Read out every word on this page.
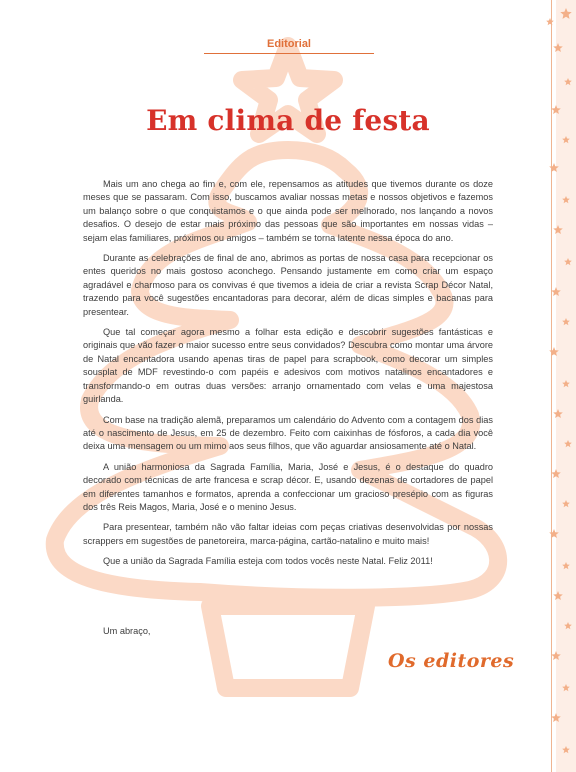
Editorial
Em clima de festa

Mais um ano chega ao fim e, com ele, repensamos as atitudes que tivemos durante os doze meses que se passaram. Com isso, buscamos avaliar nossas metas e nossos objetivos e fazemos um balanço sobre o que conquistamos e o que ainda pode ser melhorado, nos lançando a novos desafios. O desejo de estar mais próximo das pessoas que são importantes em nossas vidas – sejam elas familiares, próximos ou amigos – também se torna latente nessa época do ano.

Durante as celebrações de final de ano, abrimos as portas de nossa casa para recepcionar os entes queridos no mais gostoso aconchego. Pensando justamente em como criar um espaço agradável e charmoso para os convivas é que tivemos a ideia de criar a revista Scrap Décor Natal, trazendo para você sugestões encantadoras para decorar, além de dicas simples e bacanas para presentear.

Que tal começar agora mesmo a folhar esta edição e descobrir sugestões fantásticas e originais que vão fazer o maior sucesso entre seus convidados? Descubra como montar uma árvore de Natal encantadora usando apenas tiras de papel para scrapbook, como decorar um simples sousplat de MDF revestindo-o com papéis e adesivos com motivos natalinos encantadores e transformando-o em outras duas versões: arranjo ornamentado com velas e uma majestosa guirlanda.

Com base na tradição alemã, preparamos um calendário do Advento com a contagem dos dias até o nascimento de Jesus, em 25 de dezembro. Feito com caixinhas de fósforos, a cada dia você deixa uma mensagem ou um mimo aos seus filhos, que vão aguardar ansiosamente até o Natal.

A união harmoniosa da Sagrada Família, Maria, José e Jesus, é o destaque do quadro decorado com técnicas de arte francesa e scrap décor. E, usando dezenas de cortadores de papel em diferentes tamanhos e formatos, aprenda a confeccionar um gracioso presépio com as figuras dos três Reis Magos, Maria, José e o menino Jesus.

Para presentear, também não vão faltar ideias com peças criativas desenvolvidas por nossas scrappers em sugestões de panetoreira, marca-página, cartão-natalino e muito mais!

Que a união da Sagrada Família esteja com todos vocês neste Natal. Feliz 2011!

Um abraço,
Os editores
